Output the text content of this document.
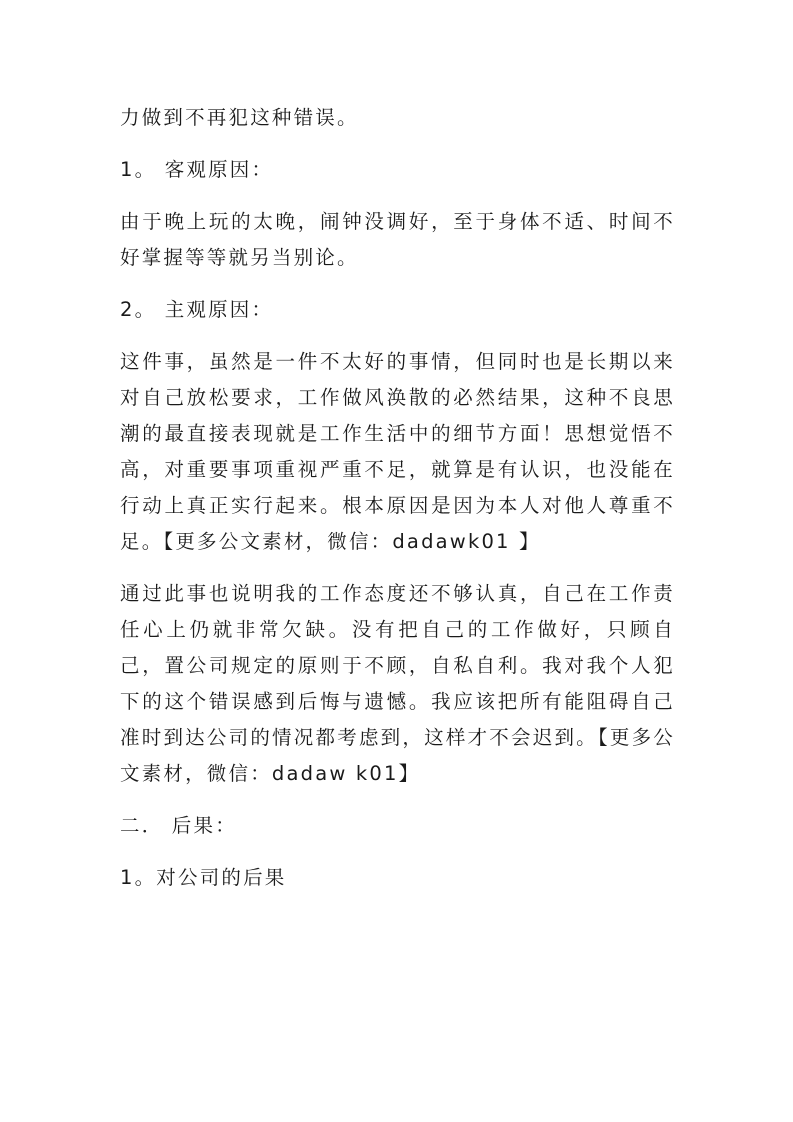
力做到不再犯这种错误。

1。 客观原因：

由于晚上玩的太晚，闹钟没调好，至于身体不适、时间不好掌握等等就另当别论。

2。 主观原因：

这件事，虽然是一件不太好的事情，但同时也是长期以来对自己放松要求，工作做风涣散的必然结果，这种不良思潮的最直接表现就是工作生活中的细节方面！思想觉悟不高，对重要事项重视严重不足，就算是有认识，也没能在行动上真正实行起来。根本原因是因为本人对他人尊重不足。【更多公文素材，微信：dadawk01 】

通过此事也说明我的工作态度还不够认真，自己在工作责任心上仍就非常欠缺。没有把自己的工作做好，只顾自己，置公司规定的原则于不顾，自私自利。我对我个人犯下的这个错误感到后悔与遗憾。我应该把所有能阻碍自己准时到达公司的情况都考虑到，这样才不会迟到。【更多公文素材，微信：dadaw k01】

二． 后果：

1。对公司的后果
